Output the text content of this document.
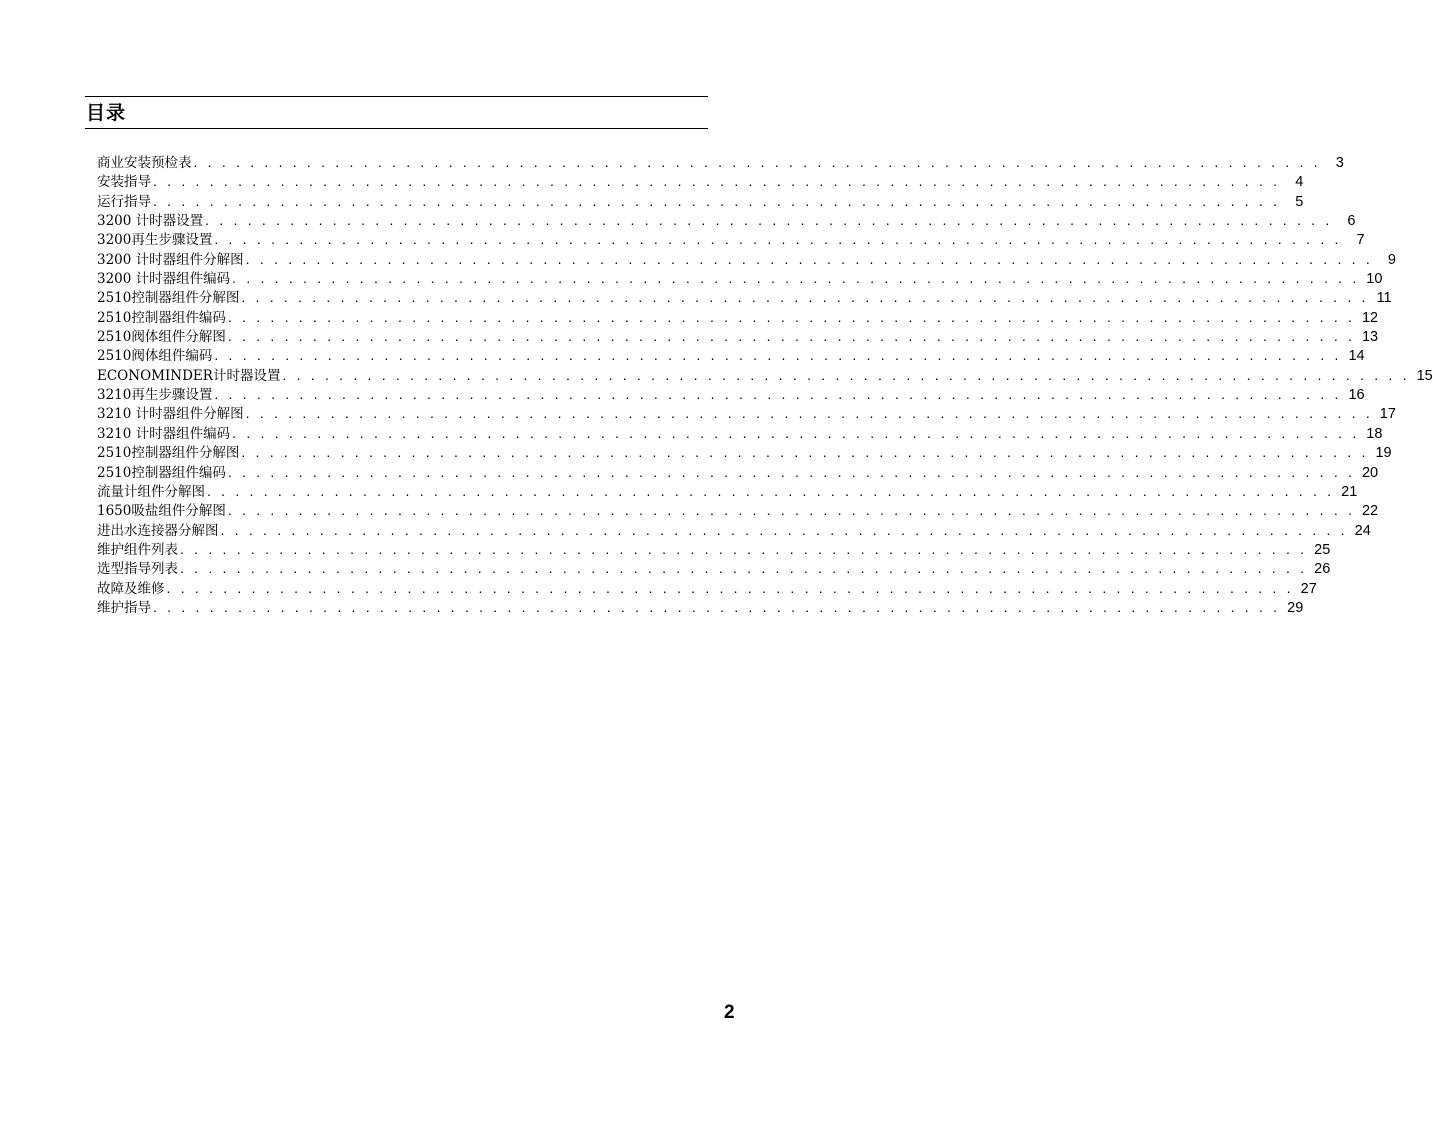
目录
商业安装预检表 . . . . . . . . . . . . . . . . . . . . . . . . . . . . . . . . . . . . . . . . . . . . . . . . . . . . . . . . . . . . . . . . . . . . . . . . . . . . . . . .	3
安装指导 . . . . . . . . . . . . . . . . . . . . . . . . . . . . . . . . . . . . . . . . . . . . . . . . . . . . . . . . . . . . . . . . . . . . . . . . . . . . . . . .	4
运行指导 . . . . . . . . . . . . . . . . . . . . . . . . . . . . . . . . . . . . . . . . . . . . . . . . . . . . . . . . . . . . . . . . . . . . . . . . . . . . . . . .	5
3200 计时器设置 . . . . . . . . . . . . . . . . . . . . . . . . . . . . . . . . . . . . . . . . . . . . . . . . . . . . . . . . . . . . . . . . . . . . . . . . . . . . . . . .	6
3200再生步骤设置 . . . . . . . . . . . . . . . . . . . . . . . . . . . . . . . . . . . . . . . . . . . . . . . . . . . . . . . . . . . . . . . . . . . . . . . . . . . . . . . .	7
3200 计时器组件分解图 . . . . . . . . . . . . . . . . . . . . . . . . . . . . . . . . . . . . . . . . . . . . . . . . . . . . . . . . . . . . . . . . . . . . . . . . . . . . . . . .	9
3200 计时器组件编码 . . . . . . . . . . . . . . . . . . . . . . . . . . . . . . . . . . . . . . . . . . . . . . . . . . . . . . . . . . . . . . . . . . . . . . . . . . . . . . . . 10
2510控制器组件分解图 . . . . . . . . . . . . . . . . . . . . . . . . . . . . . . . . . . . . . . . . . . . . . . . . . . . . . . . . . . . . . . . . . . . . . . . . . . . . . . . . 11
2510控制器组件编码 . . . . . . . . . . . . . . . . . . . . . . . . . . . . . . . . . . . . . . . . . . . . . . . . . . . . . . . . . . . . . . . . . . . . . . . . . . . . . . . . 12
2510阀体组件分解图 . . . . . . . . . . . . . . . . . . . . . . . . . . . . . . . . . . . . . . . . . . . . . . . . . . . . . . . . . . . . . . . . . . . . . . . . . . . . . . . . 13
2510阀体组件编码 . . . . . . . . . . . . . . . . . . . . . . . . . . . . . . . . . . . . . . . . . . . . . . . . . . . . . . . . . . . . . . . . . . . . . . . . . . . . . . . . 14
ECONOMINDER计时器设置 . . . . . . . . . . . . . . . . . . . . . . . . . . . . . . . . . . . . . . . . . . . . . . . . . . . . . . . . . . . . . . . . . . . . . . . . . . . . . . . . 15
3210再生步骤设置 . . . . . . . . . . . . . . . . . . . . . . . . . . . . . . . . . . . . . . . . . . . . . . . . . . . . . . . . . . . . . . . . . . . . . . . . . . . . . . . . 16
3210 计时器组件分解图 . . . . . . . . . . . . . . . . . . . . . . . . . . . . . . . . . . . . . . . . . . . . . . . . . . . . . . . . . . . . . . . . . . . . . . . . . . . . . . . . 17
3210 计时器组件编码 . . . . . . . . . . . . . . . . . . . . . . . . . . . . . . . . . . . . . . . . . . . . . . . . . . . . . . . . . . . . . . . . . . . . . . . . . . . . . . . . 18
2510控制器组件分解图 . . . . . . . . . . . . . . . . . . . . . . . . . . . . . . . . . . . . . . . . . . . . . . . . . . . . . . . . . . . . . . . . . . . . . . . . . . . . . . . . 19
2510控制器组件编码 . . . . . . . . . . . . . . . . . . . . . . . . . . . . . . . . . . . . . . . . . . . . . . . . . . . . . . . . . . . . . . . . . . . . . . . . . . . . . . . . 20
流量计组件分解图 . . . . . . . . . . . . . . . . . . . . . . . . . . . . . . . . . . . . . . . . . . . . . . . . . . . . . . . . . . . . . . . . . . . . . . . . . . . . . . . . 21
1650吸盐组件分解图 . . . . . . . . . . . . . . . . . . . . . . . . . . . . . . . . . . . . . . . . . . . . . . . . . . . . . . . . . . . . . . . . . . . . . . . . . . . . . . . . 22
进出水连接器分解图 . . . . . . . . . . . . . . . . . . . . . . . . . . . . . . . . . . . . . . . . . . . . . . . . . . . . . . . . . . . . . . . . . . . . . . . . . . . . . . . . 24
维护组件列表 . . . . . . . . . . . . . . . . . . . . . . . . . . . . . . . . . . . . . . . . . . . . . . . . . . . . . . . . . . . . . . . . . . . . . . . . . . . . . . . . 25
选型指导列表 . . . . . . . . . . . . . . . . . . . . . . . . . . . . . . . . . . . . . . . . . . . . . . . . . . . . . . . . . . . . . . . . . . . . . . . . . . . . . . . . 26
故障及维修 . . . . . . . . . . . . . . . . . . . . . . . . . . . . . . . . . . . . . . . . . . . . . . . . . . . . . . . . . . . . . . . . . . . . . . . . . . . . . . . . 27
维护指导 . . . . . . . . . . . . . . . . . . . . . . . . . . . . . . . . . . . . . . . . . . . . . . . . . . . . . . . . . . . . . . . . . . . . . . . . . . . . . . . . 29
2
